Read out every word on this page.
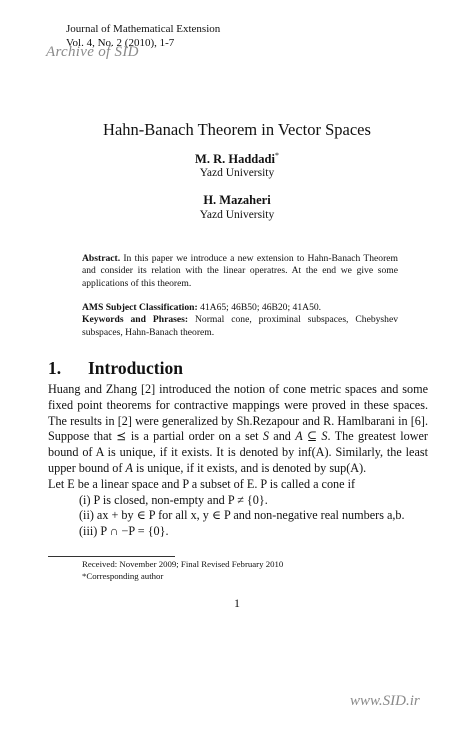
Journal of Mathematical Extension
Vol. 4, No. 2 (2010), 1-7
Archive of SID
Hahn-Banach Theorem in Vector Spaces
M. R. Haddadi*
Yazd University
H. Mazaheri
Yazd University
Abstract. In this paper we introduce a new extension to Hahn-Banach Theorem and consider its relation with the linear operatres. At the end we give some applications of this theorem.
AMS Subject Classification: 41A65; 46B50; 46B20; 41A50.
Keywords and Phrases: Normal cone, proximinal subspaces, Chebyshev subspaces, Hahn-Banach theorem.
1. Introduction

Huang and Zhang [2] introduced the notion of cone metric spaces and some fixed point theorems for contractive mappings were proved in these spaces. The results in [2] were generalized by Sh.Rezapour and R. Hamlbarani in [6]. Suppose that ⪯ is a partial order on a set S and A ⊆ S. The greatest lower bound of A is unique, if it exists. It is denoted by inf(A). Similarly, the least upper bound of A is unique, if it exists, and is denoted by sup(A).

Let E be a linear space and P a subset of E. P is called a cone if

(i) P is closed, non-empty and P ≠ {0}.

(ii) ax + by ∈ P for all x, y ∈ P and non-negative real numbers a,b.

(iii) P ∩ −P = {0}.

Received: November 2009; Final Revised February 2010
*Corresponding author
1
www.SID.ir
